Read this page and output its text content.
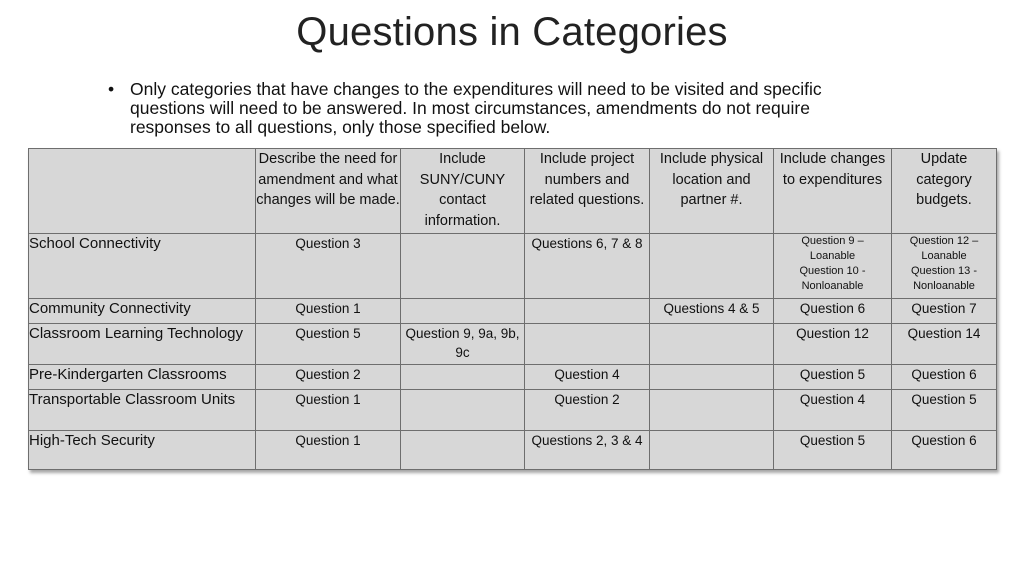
Questions in Categories
• Only categories that have changes to the expenditures will need to be visited and specific questions will need to be answered. In most circumstances, amendments do not require responses to all questions, only those specified below.
	Describe the need for amendment and what changes will be made.	Include SUNY/CUNY contact information.	Include project numbers and related questions.	Include physical location and partner #.	Include changes to expenditures	Update category budgets.
School Connectivity	Question 3		Questions 6, 7 & 8		Question 9 –
Loanable
Question 10 -
Nonloanable	Question 12 –
Loanable
Question 13 -
Nonloanable

Community Connectivity	Question 1			Questions 4 & 5	Question 6	Question 7
Classroom Learning Technology	Question 5	Question 9, 9a, 9b, 9c			Question 12	Question 14
Pre-Kindergarten Classrooms	Question 2		Question 4		Question 5	Question 6
Transportable Classroom Units	Question 1		Question 2		Question 4	Question 5
High-Tech Security	Question 1		Questions 2, 3 & 4		Question 5	Question 6
